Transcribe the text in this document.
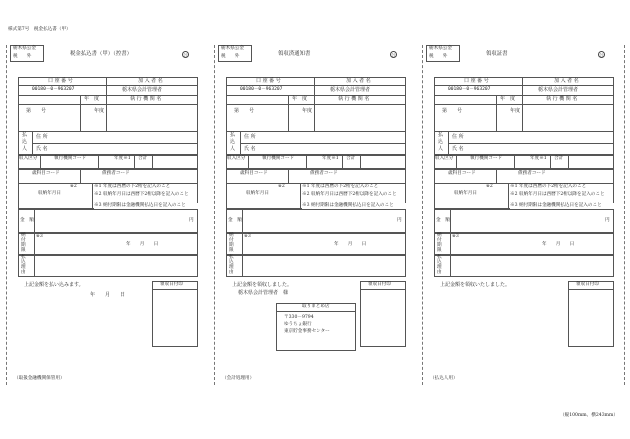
様式第7号　税金払込書（甲）
（縦100mm、横243mm）
栃木県公金
税　　外	税金払込書（甲）（控書）	公
口 座 番 号	加 入 者 名
00180－0－963207	栃木県会計管理者
年　度	執 行 機 関 名
第　　号	年度
払
込
人
住 所
氏 名
収入区分	執行機関コード	年度※1 合計
歳科目コード	債務者コード
※2
収納年月日
※1 年度は西暦の下2桁を記入のこと
※2 収納年月日は西暦下2桁以降を記入のこと
金　額	円
※3 納付期限は金融機関払込日を記入のこと
納
付
期
限
※3
年　　月　　日
払
込
理
由
上記金額を払い込みます。
年　　月　　日
領収日付印
（取扱金融機関保管用）
栃木県公金
税　　外	領収済通知書	公
口 座 番 号	加 入 者 名
00180－0－963207	栃木県会計管理者
年　度	執 行 機 関 名
第　　号	年度
払
込
人
住 所
氏 名
収入区分	執行機関コード	年度※1 合計
歳科目コード	債務者コード
※2
収納年月日
※1 年度は西暦の下2桁を記入のこと
※2 収納年月日は西暦下2桁以降を記入のこと
金　額	円
※3 納付期限は金融機関払込日を記入のこと
納
付
期
限
※3
年　　月　　日
払
込
理
由
上記金額を領収しました。
栃木県会計管理者　様
領収日付印
取りまとめ店
〒330－9794
ゆうちょ銀行
東京貯金事務センター
（会計処理用）
栃木県公金
税　　外	領収証書	公
口 座 番 号	加 入 者 名
00180－0－963207	栃木県会計管理者
年　度	執 行 機 関 名
第　　号	年度
払
込
人
住 所
氏 名
収入区分	執行機関コード	年度※1 合計
歳科目コード	債務者コード
※2
収納年月日
※1 年度は西暦の下2桁を記入のこと
※2 収納年月日は西暦下2桁以降を記入のこと
金　額	円
※3 納付期限は金融機関払込日を記入のこと
納
付
期
限
※3
年　　月　　日
払
込
理
由
上記金額を領収いたしました。	領収日付印
（払込人用）
